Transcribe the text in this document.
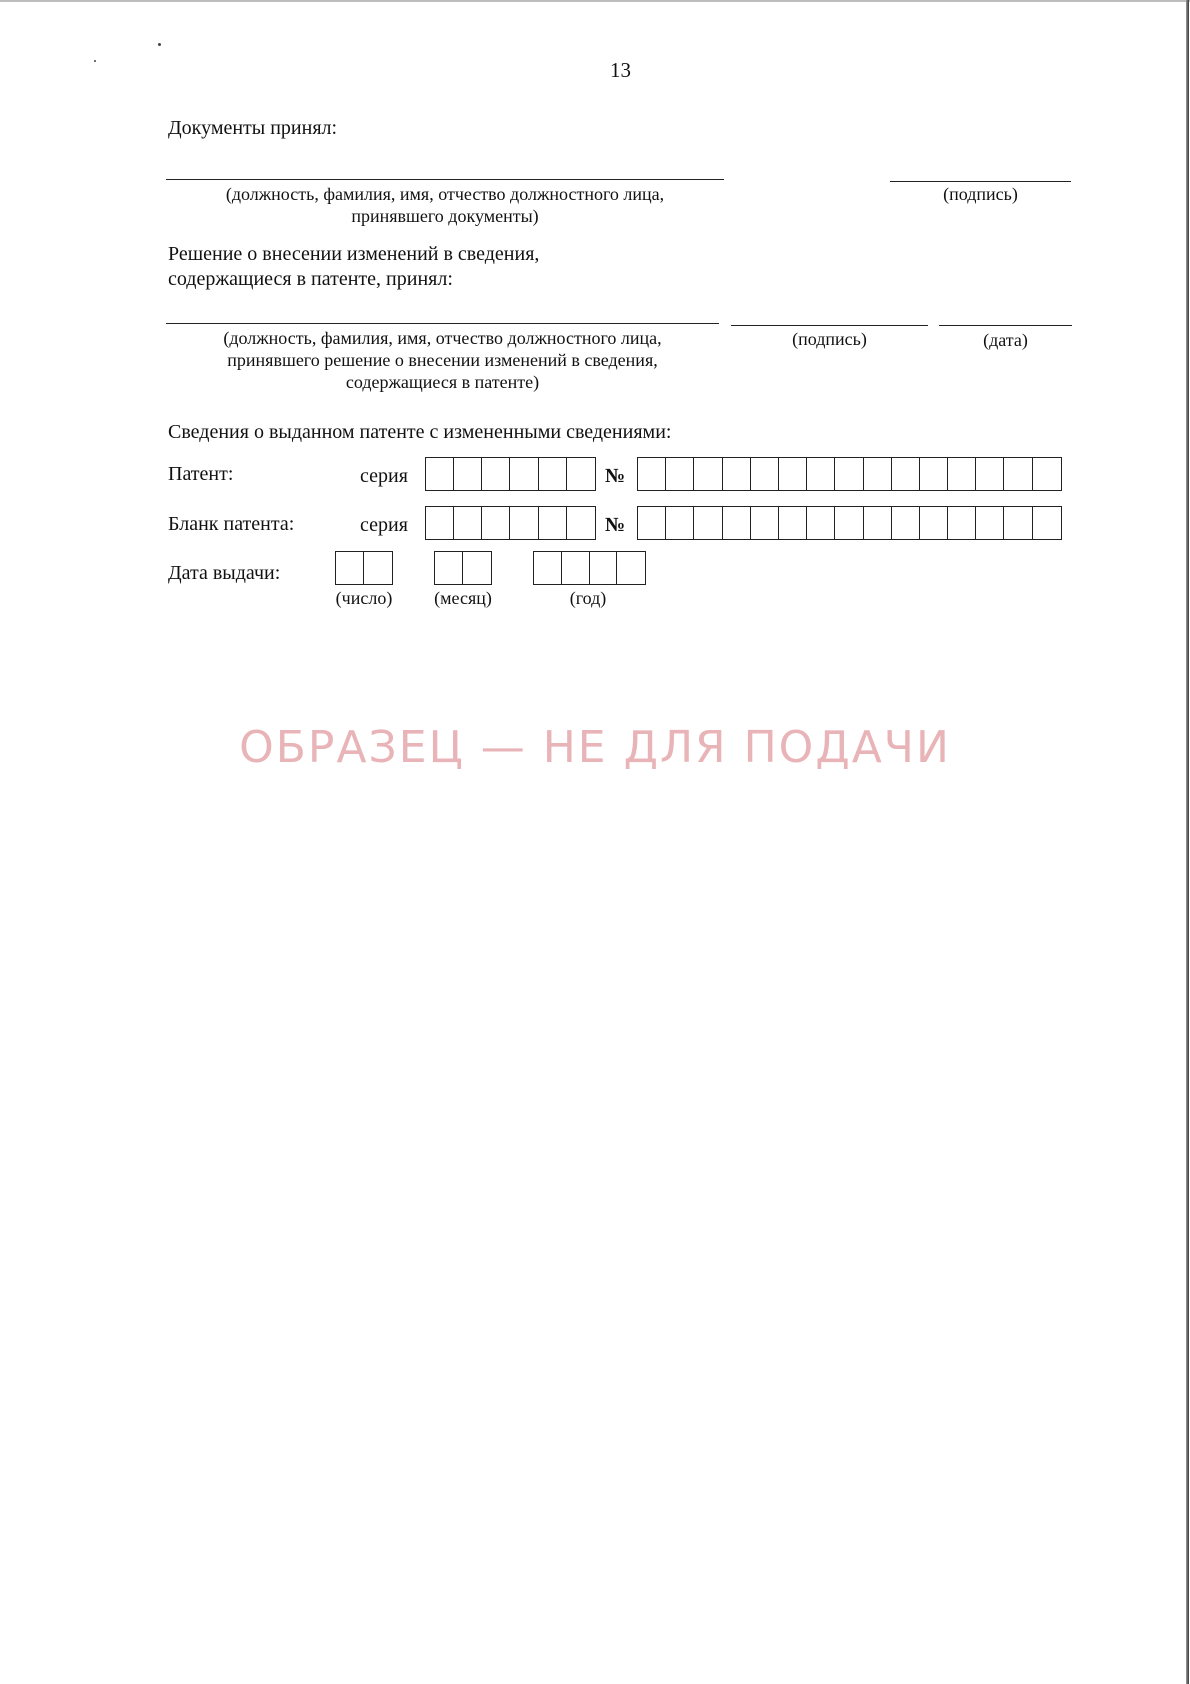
13
Документы принял:
(должность, фамилия, имя, отчество должностного лица,
принявшего документы)
(подпись)
Решение о внесении изменений в сведения,
содержащиеся в патенте, принял:
(должность, фамилия, имя, отчество должностного лица,
принявшего решение о внесении изменений в сведения,
содержащиеся в патенте)
(подпись)	(дата)
Сведения о выданном патенте с измененными сведениями:
Патент:	серия	№
Бланк патента:	серия	№
Дата выдачи:
(число)	(месяц)	(год)
ОБРАЗЕЦ — НЕ ДЛЯ ПОДАЧИ
